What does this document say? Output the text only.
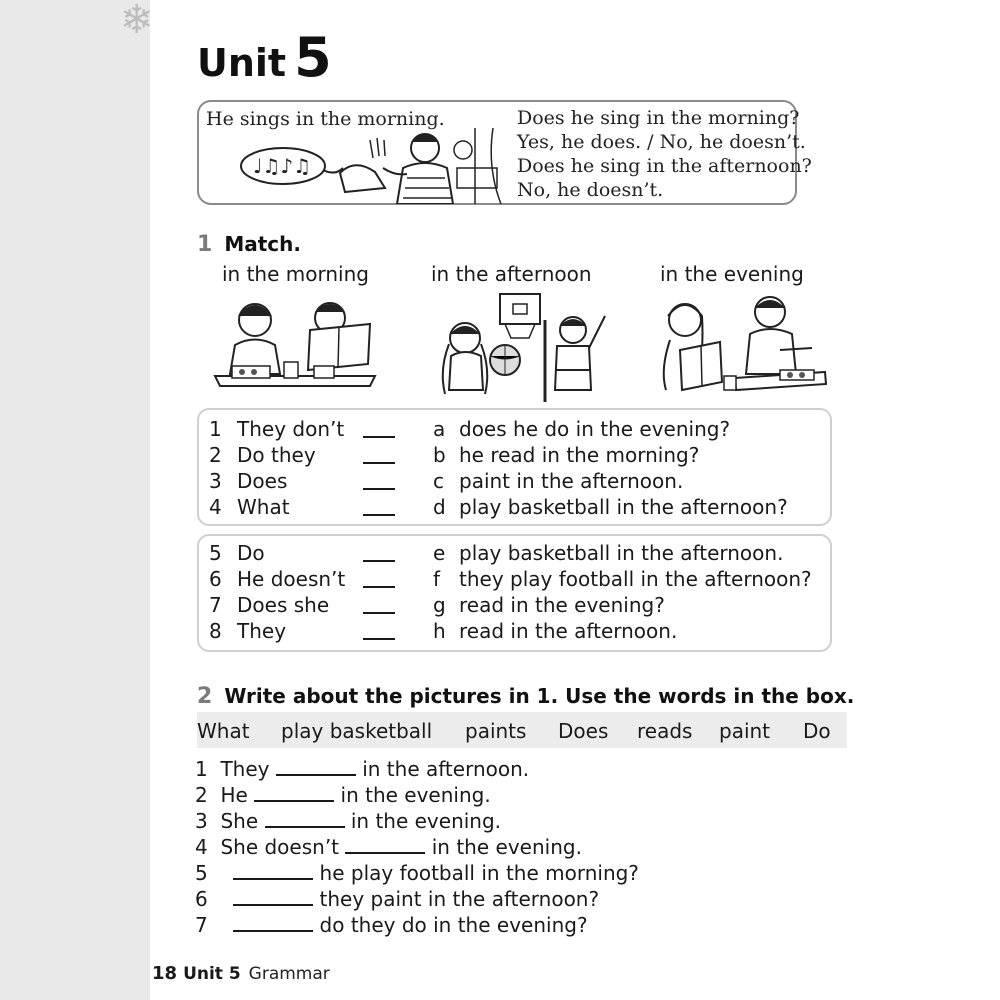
❄
Unit 5
He sings in the morning.	Does he sing in the morning?
Yes, he does. / No, he doesn’t.
Does he sing in the afternoon?
No, he doesn’t.
♩♫♪♫
1 Match.
in the morning	in the afternoon	in the evening
1 They don’t	a does he do in the evening?
2 Do they	b he read in the morning?
3 Does	c paint in the afternoon.
4 What	d play basketball in the afternoon?
5 Do	e play basketball in the afternoon.
6 He doesn’t	f they play football in the afternoon?
7 Does she	g read in the evening?
8 They	h read in the afternoon.
2 Write about the pictures in 1. Use the words in the box.
What play basketball paints Does reads paint Do
1 They	in the afternoon.
2 He	in the evening.
3 She	in the evening.
4 She doesn’t	in the evening.
5	he play football in the morning?
6	they paint in the afternoon?
7	do they do in the evening?
18 Unit 5 Grammar
